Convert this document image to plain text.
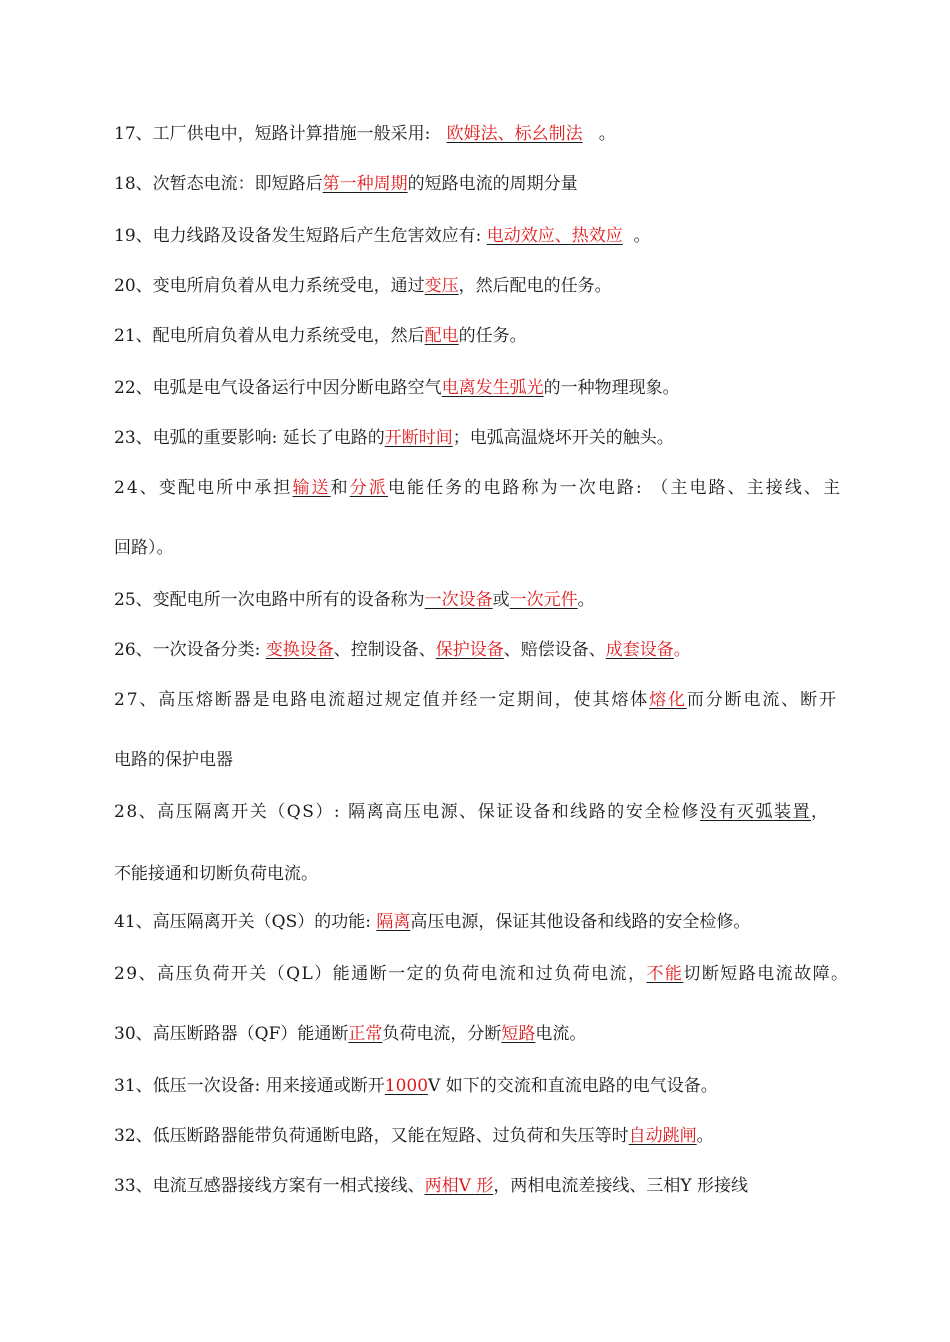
17、工厂供电中，短路计算措施一般采用:   欧姆法、标幺制法   。
18、次暂态电流：即短路后第一种周期的短路电流的周期分量
19、电力线路及设备发生短路后产生危害效应有: 电动效应、热效应  。
20、变电所肩负着从电力系统受电，通过变压，然后配电的任务。
21、配电所肩负着从电力系统受电，然后配电的任务。
22、电弧是电气设备运行中因分断电路空气电离发生弧光的一种物理现象。
23、电弧的重要影响: 延长了电路的开断时间；电弧高温烧坏开关的触头。
24、变配电所中承担输送和分派电能任务的电路称为一次电路: （主电路、主接线、主
回路）。
25、变配电所一次电路中所有的设备称为一次设备或一次元件。
26、一次设备分类: 变换设备、控制设备、保护设备、赔偿设备、成套设备。
27、高压熔断器是电路电流超过规定值并经一定期间，使其熔体熔化而分断电流、断开
电路的保护电器
28、高压隔离开关（QS）: 隔离高压电源、保证设备和线路的安全检修没有灭弧装置，
不能接通和切断负荷电流。
41、高压隔离开关（QS）的功能: 隔离高压电源，保证其他设备和线路的安全检修。
29、高压负荷开关（QL）能通断一定的负荷电流和过负荷电流，不能切断短路电流故障。
30、高压断路器（QF）能通断正常负荷电流，分断短路电流。
31、低压一次设备: 用来接通或断开1000V 如下的交流和直流电路的电气设备。
32、低压断路器能带负荷通断电路，又能在短路、过负荷和失压等时自动跳闸。
33、电流互感器接线方案有一相式接线、两相V 形，两相电流差接线、三相Y 形接线
